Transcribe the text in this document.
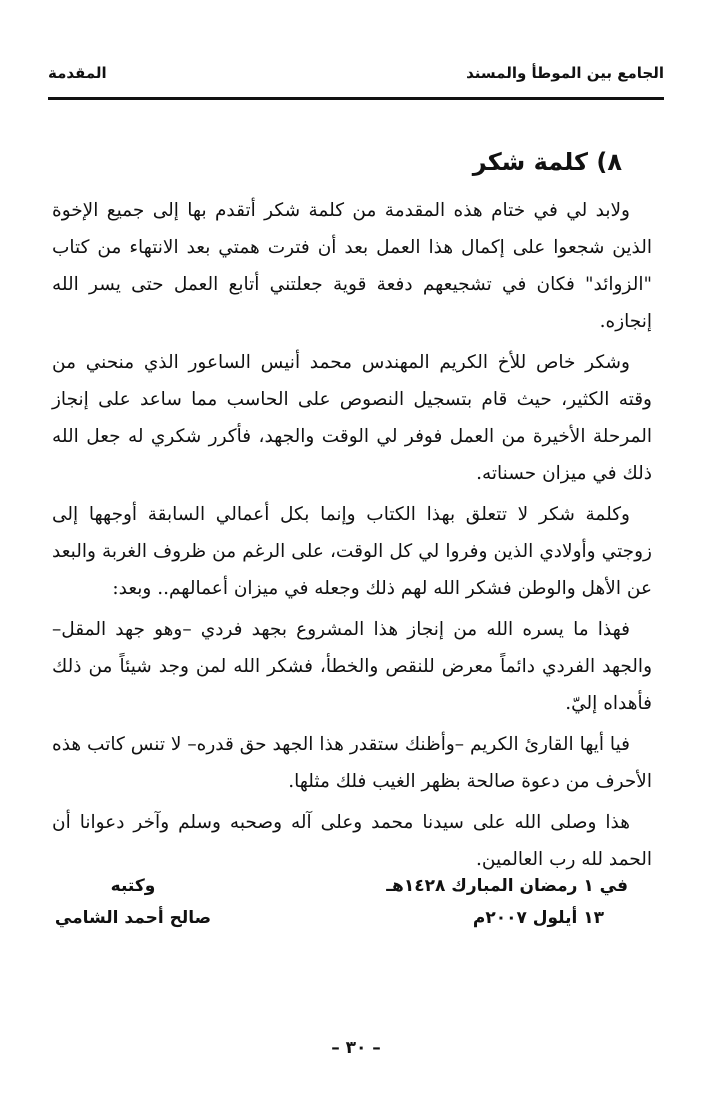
الجامع بين الموطأ والمسند
المقدمة
٨) كلمة شكر

ولابد لي في ختام هذه المقدمة من كلمة شكر أتقدم بها إلى جميع الإخوة الذين شجعوا على إكمال هذا العمل بعد أن فترت همتي بعد الانتهاء من كتاب "الزوائد" فكان في تشجيعهم دفعة قوية جعلتني أتابع العمل حتى يسر الله إنجازه.

وشكر خاص للأخ الكريم المهندس محمد أنيس الساعور الذي منحني من وقته الكثير، حيث قام بتسجيل النصوص على الحاسب مما ساعد على إنجاز المرحلة الأخيرة من العمل فوفر لي الوقت والجهد، فأكرر شكري له جعل الله ذلك في ميزان حسناته.

وكلمة شكر لا تتعلق بهذا الكتاب وإنما بكل أعمالي السابقة أوجهها إلى زوجتي وأولادي الذين وفروا لي كل الوقت، على الرغم من ظروف الغربة والبعد عن الأهل والوطن فشكر الله لهم ذلك وجعله في ميزان أعمالهم.. وبعد:

فهذا ما يسره الله من إنجاز هذا المشروع بجهد فردي –وهو جهد المقل– والجهد الفردي دائماً معرض للنقص والخطأ، فشكر الله لمن وجد شيئاً من ذلك فأهداه إليّ.

فيا أيها القارئ الكريم –وأظنك ستقدر هذا الجهد حق قدره– لا تنس كاتب هذه الأحرف من دعوة صالحة بظهر الغيب فلك مثلها.

هذا وصلى الله على سيدنا محمد وعلى آله وصحبه وسلم وآخر دعوانا أن الحمد لله رب العالمين.

في ١ رمضان المبارك ١٤٢٨هـ
١٣ أيلول ٢٠٠٧م
وكتبه
صالح أحمد الشامي
– ٣٠ –
